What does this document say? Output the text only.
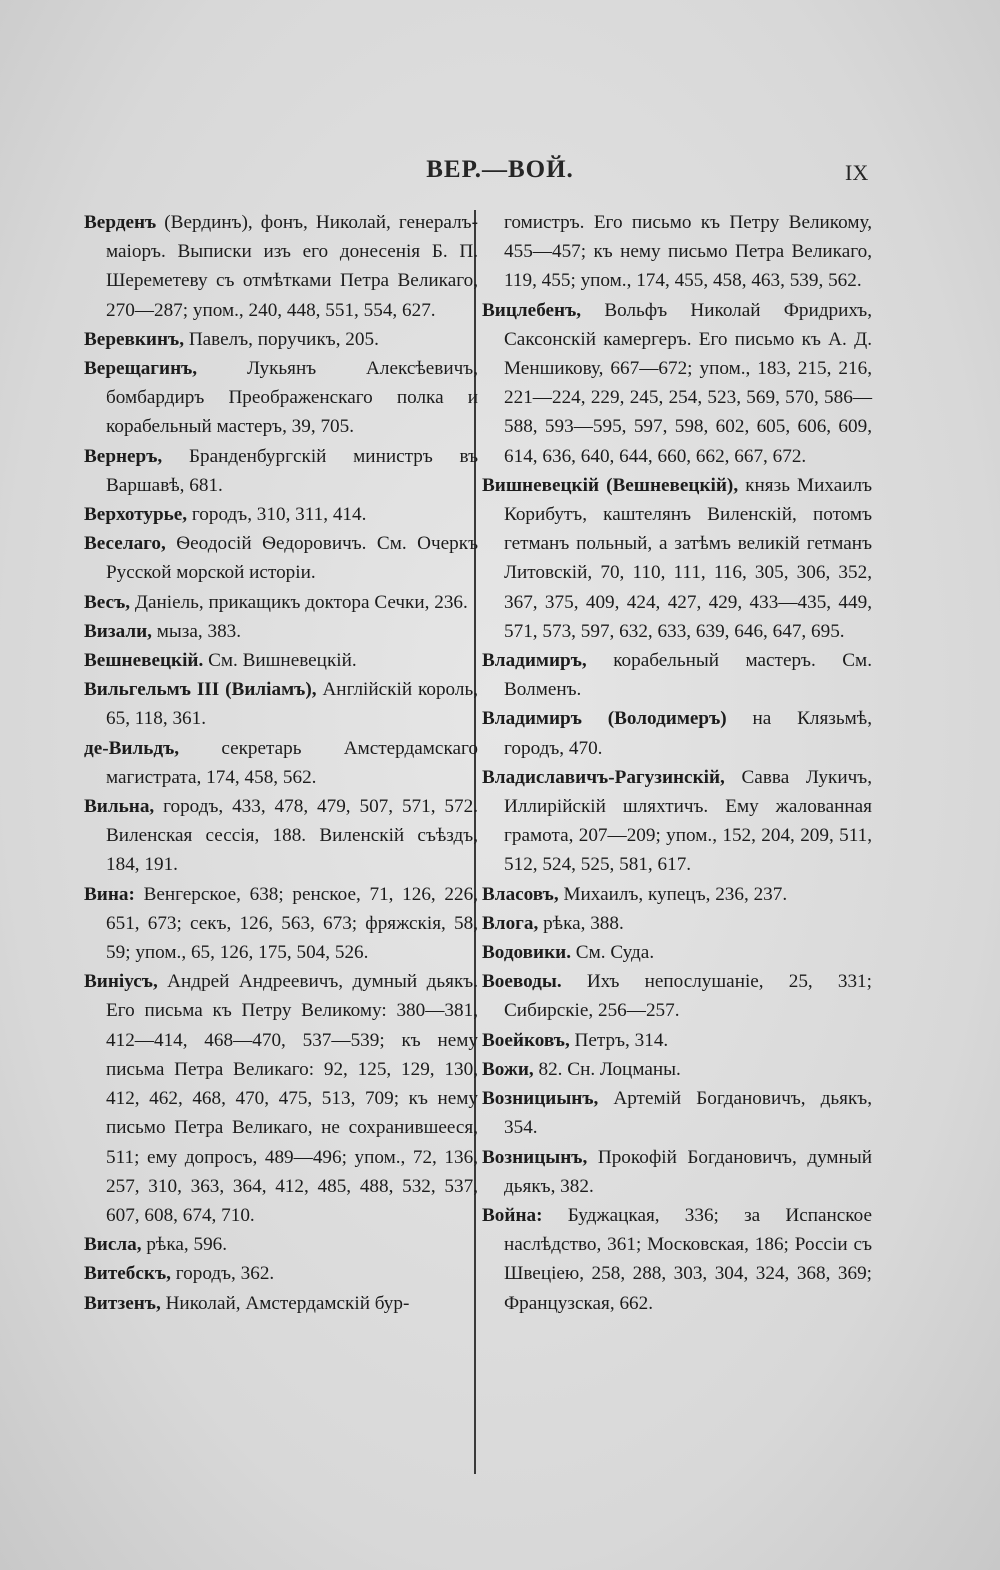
ВЕР.—ВОЙ.	IX

Верденъ (Вердинъ), фонъ, Николай, генералъ-маіоръ. Выписки изъ его донесенія Б. П. Шереметеву съ отмѣтками Петра Великаго, 270—287; упом., 240, 448, 551, 554, 627.

Веревкинъ, Павелъ, поручикъ, 205.

Верещагинъ, Лукьянъ Алексѣевичъ, бомбардиръ Преображенскаго полка и корабельный мастеръ, 39, 705.

Вернеръ, Бранденбургскій министръ въ Варшавѣ, 681.

Верхотурье, городъ, 310, 311, 414.

Веселаго, Ѳеодосій Ѳедоровичъ. См. Очеркъ Русской морской исторіи.

Весъ, Даніель, прикащикъ доктора Сечки, 236.

Визали, мыза, 383.

Вешневецкій. См. Вишневецкій.

Вильгельмъ III (Виліамъ), Англійскій король, 65, 118, 361.

де-Вильдъ, секретарь Амстердамскаго магистрата, 174, 458, 562.

Вильна, городъ, 433, 478, 479, 507, 571, 572. Виленская сессія, 188. Виленскій съѣздъ, 184, 191.

Вина: Венгерское, 638; ренское, 71, 126, 226, 651, 673; секъ, 126, 563, 673; фряжскія, 58, 59; упом., 65, 126, 175, 504, 526.

Виніусъ, Андрей Андреевичъ, думный дьякъ. Его письма къ Петру Великому: 380—381, 412—414, 468—470, 537—539; къ нему письма Петра Великаго: 92, 125, 129, 130, 412, 462, 468, 470, 475, 513, 709; къ нему письмо Петра Великаго, не сохранившееся, 511; ему допросъ, 489—496; упом., 72, 136, 257, 310, 363, 364, 412, 485, 488, 532, 537, 607, 608, 674, 710.

Висла, рѣка, 596.

Витебскъ, городъ, 362.

Витзенъ, Николай, Амстердамскій бур-

гомистръ. Его письмо къ Петру Великому, 455—457; къ нему письмо Петра Великаго, 119, 455; упом., 174, 455, 458, 463, 539, 562.

Вицлебенъ, Вольфъ Николай Фридрихъ, Саксонскій камергеръ. Его письмо къ А. Д. Меншикову, 667—672; упом., 183, 215, 216, 221—224, 229, 245, 254, 523, 569, 570, 586—588, 593—595, 597, 598, 602, 605, 606, 609, 614, 636, 640, 644, 660, 662, 667, 672.

Вишневецкій (Вешневецкій), князь Михаилъ Корибутъ, каштелянъ Виленскій, потомъ гетманъ польный, а затѣмъ великій гетманъ Литовскій, 70, 110, 111, 116, 305, 306, 352, 367, 375, 409, 424, 427, 429, 433—435, 449, 571, 573, 597, 632, 633, 639, 646, 647, 695.

Владимиръ, корабельный мастеръ. См. Волменъ.

Владимиръ (Володимеръ) на Клязьмѣ, городъ, 470.

Владиславичъ-Рагузинскій, Савва Лукичъ, Иллирійскій шляхтичъ. Ему жалованная грамота, 207—209; упом., 152, 204, 209, 511, 512, 524, 525, 581, 617.

Власовъ, Михаилъ, купецъ, 236, 237.

Влога, рѣка, 388.

Водовики. См. Суда.

Воеводы. Ихъ непослушаніе, 25, 331; Сибирскіе, 256—257.

Воейковъ, Петръ, 314.

Вожи, 82. Сн. Лоцманы.

Вознициынъ, Артемій Богдановичъ, дьякъ, 354.

Возницынъ, Прокофій Богдановичъ, думный дьякъ, 382.

Война: Буджацкая, 336; за Испанское наслѣдство, 361; Московская, 186; Россіи съ Швеціею, 258, 288, 303, 304, 324, 368, 369; Французская, 662.
